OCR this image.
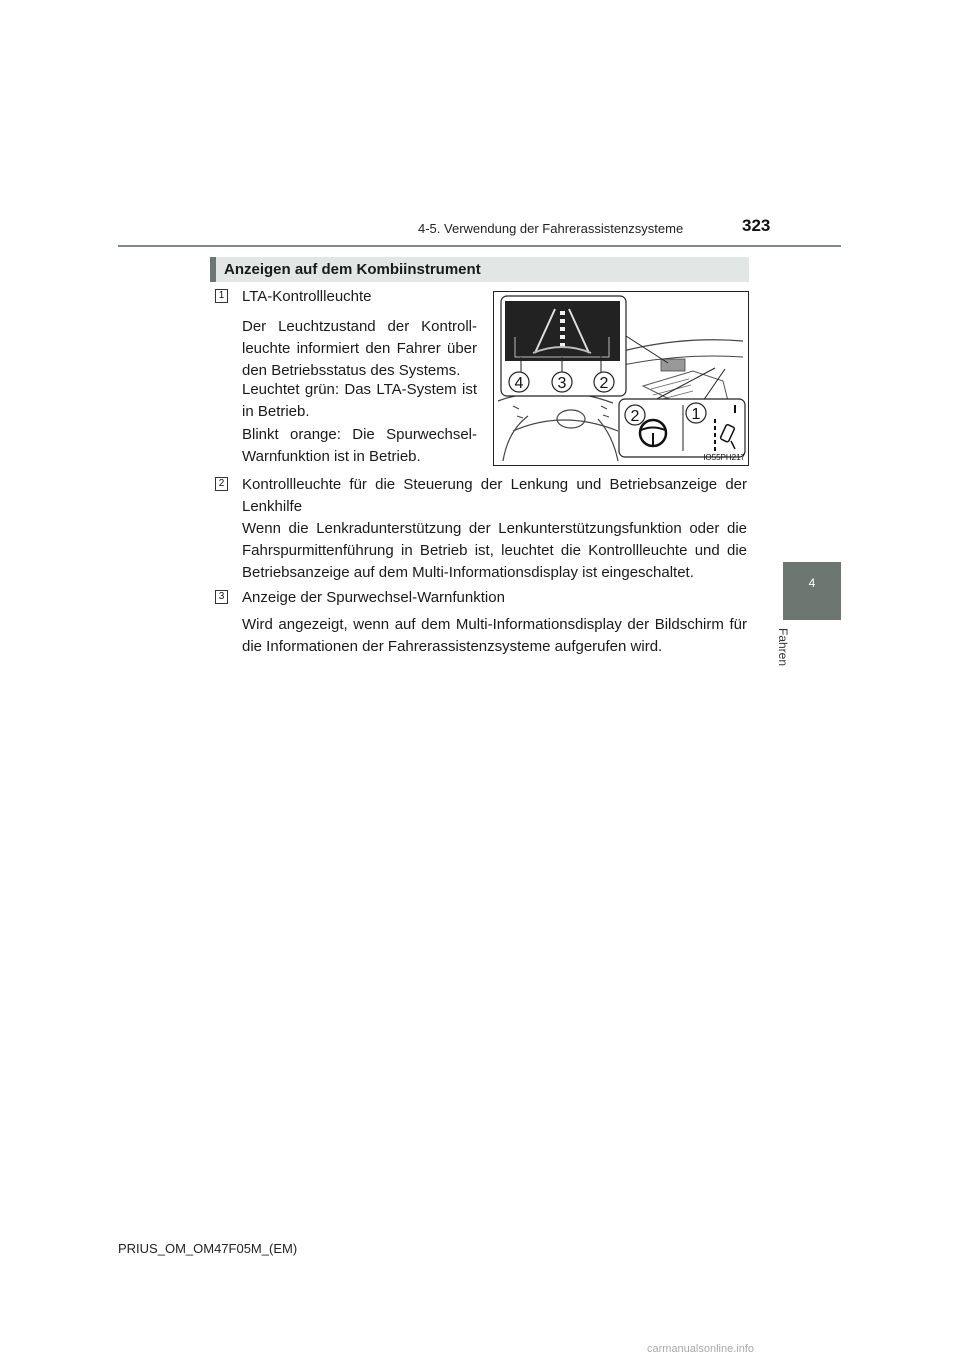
4-5. Verwendung der Fahrerassistenzsysteme	323
4
Fahren
Anzeigen auf dem Kombiinstrument
1 LTA-Kontrollleuchte
Der Leuchtzustand der Kontroll-leuchte informiert den Fahrer über den Betriebsstatus des Systems.
Leuchtet grün: Das LTA-System ist in Betrieb.
Blinkt orange: Die Spurwechsel-Warnfunktion ist in Betrieb.
4 3 2
2	1
IO55PH217
2 Kontrollleuchte für die Steuerung der Lenkung und Betriebsanzeige der Lenkhilfe
Wenn die Lenkradunterstützung der Lenkunterstützungsfunktion oder die Fahrspurmittenführung in Betrieb ist, leuchtet die Kontrollleuchte und die Betriebsanzeige auf dem Multi-Informationsdisplay ist eingeschaltet.
3 Anzeige der Spurwechsel-Warnfunktion
Wird angezeigt, wenn auf dem Multi-Informationsdisplay der Bildschirm für die Informationen der Fahrerassistenzsysteme aufgerufen wird.
PRIUS_OM_OM47F05M_(EM)
carmanualsonline.info
